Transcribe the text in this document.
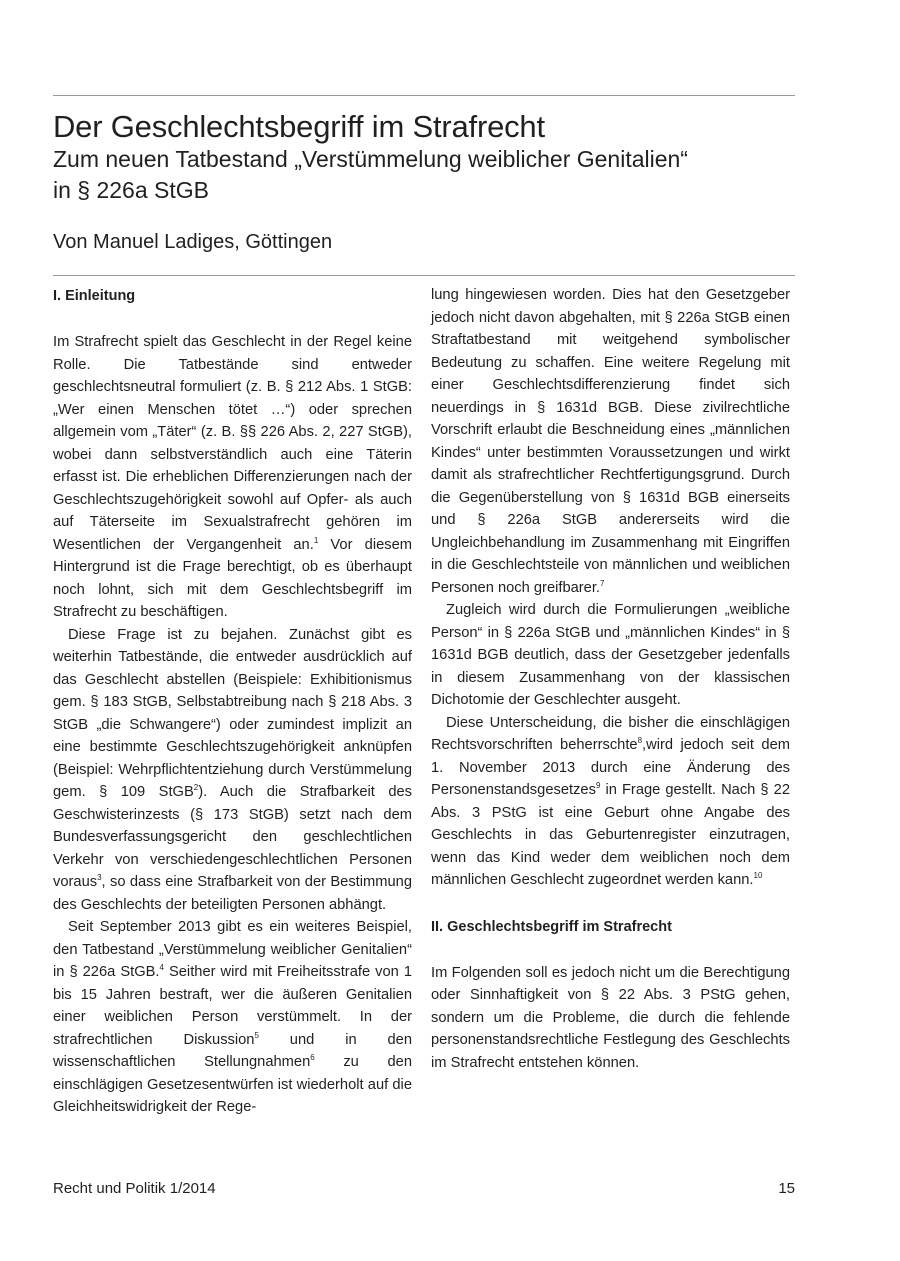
Der Geschlechtsbegriff im Strafrecht
Zum neuen Tatbestand „Verstümmelung weiblicher Genitalien“
in § 226a StGB
Von Manuel Ladiges, Göttingen
I. Einleitung

Im Strafrecht spielt das Geschlecht in der Regel keine Rolle. Die Tatbestände sind entweder geschlechtsneutral formuliert (z. B. § 212 Abs. 1 StGB: „Wer einen Menschen tötet …“) oder sprechen allgemein vom „Täter“ (z. B. §§ 226 Abs. 2, 227 StGB), wobei dann selbstverständlich auch eine Täterin erfasst ist. Die erheblichen Differenzierungen nach der Geschlechtszugehörigkeit sowohl auf Opfer- als auch auf Täterseite im Sexualstrafrecht gehören im Wesentlichen der Vergangenheit an.$^1$ Vor diesem Hintergrund ist die Frage berechtigt, ob es überhaupt noch lohnt, sich mit dem Geschlechtsbegriff im Strafrecht zu beschäftigen.

Diese Frage ist zu bejahen. Zunächst gibt es weiterhin Tatbestände, die entweder ausdrücklich auf das Geschlecht abstellen (Beispiele: Exhibitionismus gem. § 183 StGB, Selbstabtreibung nach § 218 Abs. 3 StGB „die Schwangere“) oder zumindest implizit an eine bestimmte Geschlechtszugehörigkeit anknüpfen (Beispiel: Wehrpflichtentziehung durch Verstümmelung gem. § 109 StGB$^2$). Auch die Strafbarkeit des Geschwisterinzests (§ 173 StGB) setzt nach dem Bundesverfassungsgericht den geschlechtlichen Verkehr von verschiedengeschlechtlichen Personen voraus$^3$, so dass eine Strafbarkeit von der Bestimmung des Geschlechts der beteiligten Personen abhängt.

Seit September 2013 gibt es ein weiteres Beispiel, den Tatbestand „Verstümmelung weiblicher Genitalien“ in § 226a StGB.$^4$ Seither wird mit Freiheitsstrafe von 1 bis 15 Jahren bestraft, wer die äußeren Genitalien einer weiblichen Person verstümmelt. In der strafrechtlichen Diskussion$^5$ und in den wissenschaftlichen Stellungnahmen$^6$ zu den einschlägigen Gesetzesentwürfen ist wiederholt auf die Gleichheitswidrigkeit der Rege-

lung hingewiesen worden. Dies hat den Gesetzgeber jedoch nicht davon abgehalten, mit § 226a StGB einen Straftatbestand mit weitgehend symbolischer Bedeutung zu schaffen. Eine weitere Regelung mit einer Geschlechtsdifferenzierung findet sich neuerdings in § 1631d BGB. Diese zivilrechtliche Vorschrift erlaubt die Beschneidung eines „männlichen Kindes“ unter bestimmten Voraussetzungen und wirkt damit als strafrechtlicher Rechtfertigungsgrund. Durch die Gegenüberstellung von § 1631d BGB einerseits und § 226a StGB andererseits wird die Ungleichbehandlung im Zusammenhang mit Eingriffen in die Geschlechtsteile von männlichen und weiblichen Personen noch greifbarer.$^7$

Zugleich wird durch die Formulierungen „weibliche Person“ in § 226a StGB und „männlichen Kindes“ in § 1631d BGB deutlich, dass der Gesetzgeber jedenfalls in diesem Zusammenhang von der klassischen Dichotomie der Geschlechter ausgeht.

Diese Unterscheidung, die bisher die einschlägigen Rechtsvorschriften beherrschte$^8$,wird jedoch seit dem 1. November 2013 durch eine Änderung des Personenstandsgesetzes$^9$ in Frage gestellt. Nach § 22 Abs. 3 PStG ist eine Geburt ohne Angabe des Geschlechts in das Geburtenregister einzutragen, wenn das Kind weder dem weiblichen noch dem männlichen Geschlecht zugeordnet werden kann.$^{10}$

II. Geschlechtsbegriff im Strafrecht

Im Folgenden soll es jedoch nicht um die Berechtigung oder Sinnhaftigkeit von § 22 Abs. 3 PStG gehen, sondern um die Probleme, die durch die fehlende personenstandsrechtliche Festlegung des Geschlechts im Strafrecht entstehen können.

Recht und Politik 1/2014	15
